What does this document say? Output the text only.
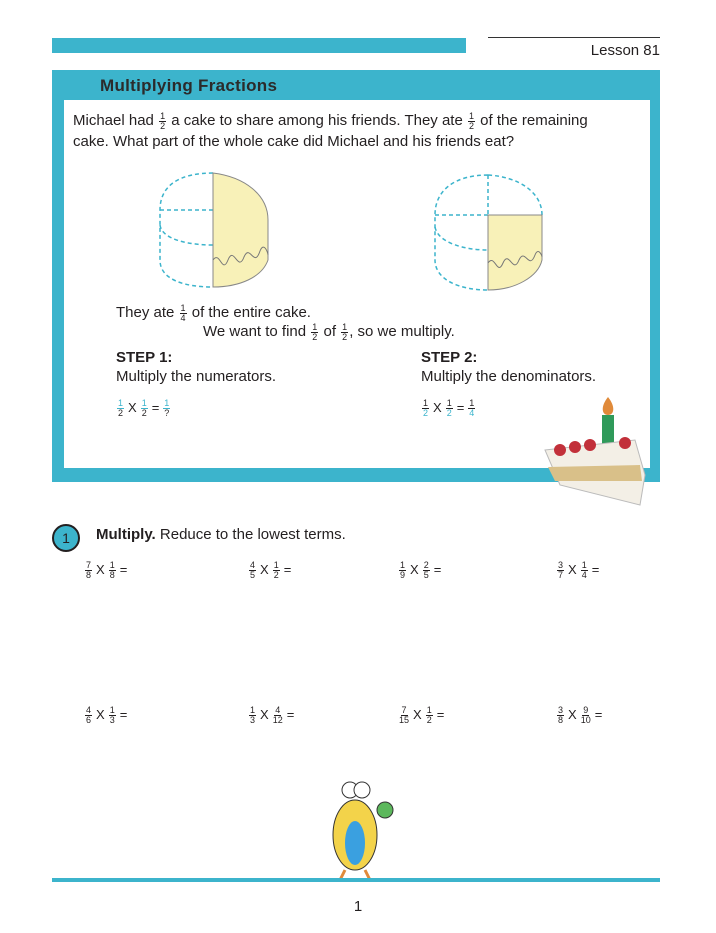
Lesson 81
Multiplying Fractions
Michael had $\frac{1}{2}$ a cake to share among his friends. They ate $\frac{1}{2}$ of the remaining
cake. What part of the whole cake did Michael and his friends eat?
They ate $\frac{1}{4}$ of the entire cake.
We want to find $\frac{1}{2}$ of $\frac{1}{2}$ , so we multiply.
STEP 1:
Multiply the numerators.
$\frac{1}{2}$ X $\frac{1}{2} = 1$
?
STEP 2:
Multiply the denominators.
$\frac{1}{2}$ X $\frac{1}{2} = \frac{1}{4}$
1	Multiply. Reduce to the lowest terms.
$\frac{7}{8}$ X $\frac{1}{8}$ =	$\frac{4}{5}$ X $\frac{1}{2}$ =	$\frac{1}{9}$ X $\frac{2}{5}$ =	$\frac{3}{7}$ X $\frac{1}{4}$ =
$\frac{4}{6}$ X $\frac{1}{3}$ =	$\frac{1}{3}$ X $\frac{4}{12}$ =	$\frac{7}{15}$ X $\frac{1}{2}$ =	$\frac{3}{8}$ X $\frac{9}{10}$ =
1
